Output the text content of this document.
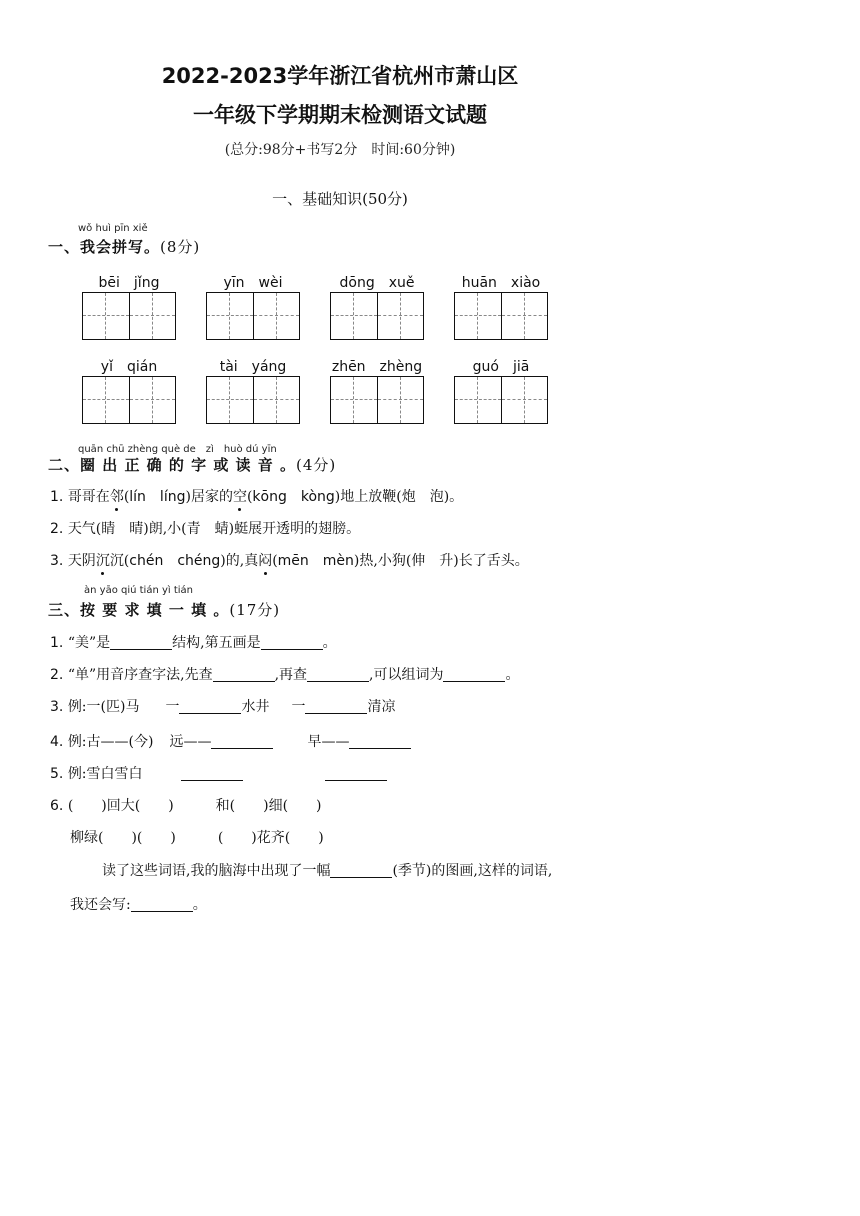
2022-2023学年浙江省杭州市萧山区
一年级下学期期末检测语文试题
(总分:98分+书写2分　时间:60分钟)
一、基础知识(50分)
wǒ huì pīn xiě
一、我会拼写。(8分)
bēi　jǐng	yīn　wèi	dōng　xuě	huān　xiào
yǐ　qián	tài　yáng	zhēn　zhèng	guó　jiā
quān chū zhèng què de　zì　huò dú yīn
二、圈 出 正 确 的 字 或 读 音 。(4分)
1. 哥哥在邻(lín　líng)居家的空(kōng　kòng)地上放鞭(炮　泡)。
2. 天气(睛　晴)朗,小(青　蜻)蜓展开透明的翅膀。
3. 天阴沉沉(chén　chéng)的,真闷(mēn　mèn)热,小狗(伸　升)长了舌头。
àn yāo qiú tián yì tián
三、按 要 求 填 一 填 。(17分)
1. “美”是	结构,第五画是	。
2. “单”用音序查字法,先查	,再查	,可以组词为	。
3. 例:一(匹)马 一	水井 一	清凉
4. 例:古——(今) 远——	早——
5. 例:雪白雪白
6. (　　)回大(　　)　　　和(　　)细(　　)
柳绿(　　)(　　)　　　(　　)花齐(　　)
读了这些词语,我的脑海中出现了一幅	(季节)的图画,这样的词语,
我还会写:	。
